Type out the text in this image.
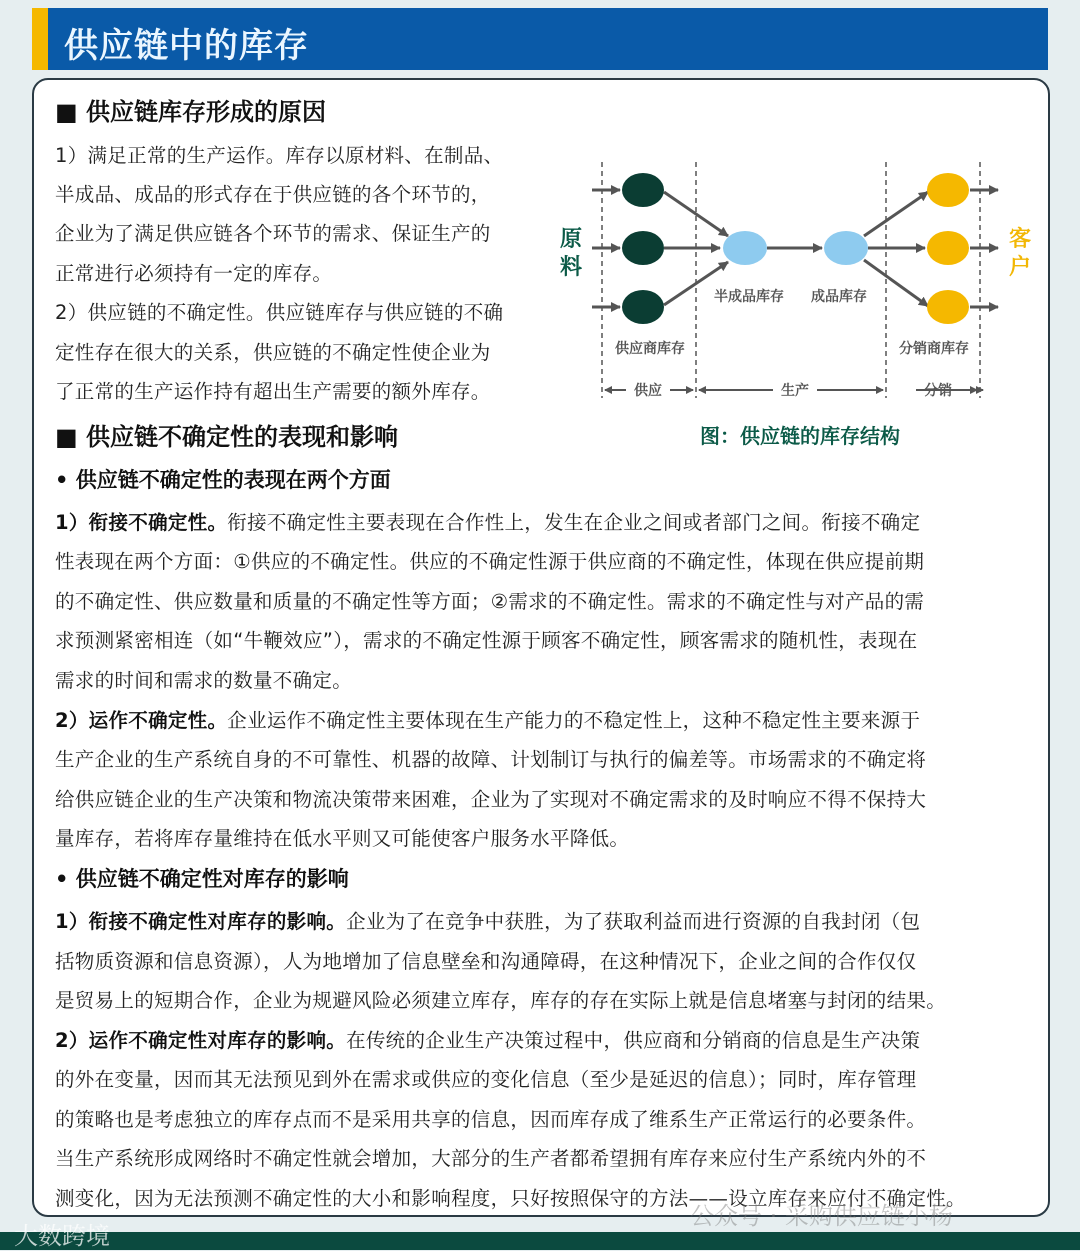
供应链中的库存
■ 供应链库存形成的原因
1）满足正常的生产运作。库存以原材料、在制品、
半成品、成品的形式存在于供应链的各个环节的，
企业为了满足供应链各个环节的需求、保证生产的
正常进行必须持有一定的库存。
2）供应链的不确定性。供应链库存与供应链的不确
定性存在很大的关系，供应链的不确定性使企业为
了正常的生产运作持有超出生产需要的额外库存。
原
料
客
户
半成品库存 成品库存
供应商库存	分销商库存
供应	生产	分销
图：供应链的库存结构
■ 供应链不确定性的表现和影响
• 供应链不确定性的表现在两个方面
1）衔接不确定性。衔接不确定性主要表现在合作性上，发生在企业之间或者部门之间。衔接不确定
性表现在两个方面：①供应的不确定性。供应的不确定性源于供应商的不确定性，体现在供应提前期
的不确定性、供应数量和质量的不确定性等方面；②需求的不确定性。需求的不确定性与对产品的需
求预测紧密相连（如“牛鞭效应”），需求的不确定性源于顾客不确定性，顾客需求的随机性，表现在
需求的时间和需求的数量不确定。
2）运作不确定性。企业运作不确定性主要体现在生产能力的不稳定性上，这种不稳定性主要来源于
生产企业的生产系统自身的不可靠性、机器的故障、计划制订与执行的偏差等。市场需求的不确定将
给供应链企业的生产决策和物流决策带来困难，企业为了实现对不确定需求的及时响应不得不保持大
量库存，若将库存量维持在低水平则又可能使客户服务水平降低。
• 供应链不确定性对库存的影响
1）衔接不确定性对库存的影响。企业为了在竞争中获胜，为了获取利益而进行资源的自我封闭（包
括物质资源和信息资源），人为地增加了信息壁垒和沟通障碍，在这种情况下，企业之间的合作仅仅
是贸易上的短期合作，企业为规避风险必须建立库存，库存的存在实际上就是信息堵塞与封闭的结果。
2）运作不确定性对库存的影响。在传统的企业生产决策过程中，供应商和分销商的信息是生产决策
的外在变量，因而其无法预见到外在需求或供应的变化信息（至少是延迟的信息）；同时，库存管理
的策略也是考虑独立的库存点而不是采用共享的信息，因而库存成了维系生产正常运行的必要条件。
当生产系统形成网络时不确定性就会增加，大部分的生产者都希望拥有库存来应付生产系统内外的不
测变化，因为无法预测不确定性的大小和影响程度，只好按照保守的方法——设立库存来应付不确定性。
大数跨境
公众号 · 采购供应链小杨
